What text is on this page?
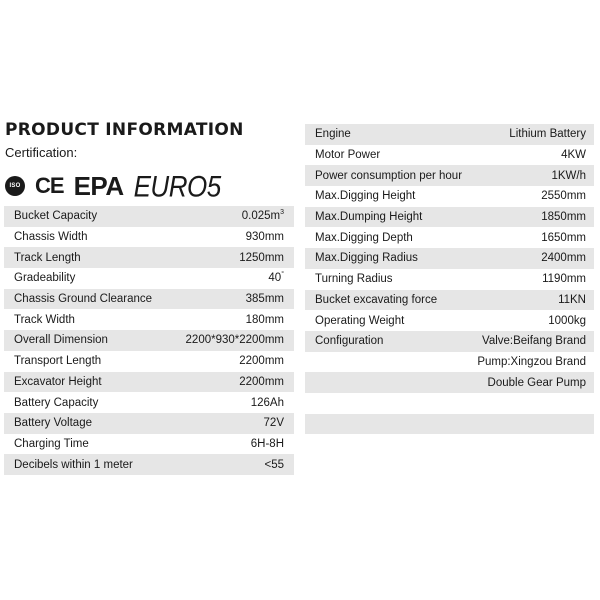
PRODUCT INFORMATION
Certification:
ISO CE EPA EURO5
Bucket Capacity	$0.025m^3$
Chassis Width	930mm
Track Length	1250mm
Gradeability	40°
Chassis Ground Clearance	385mm
Track Width	180mm
Overall Dimension	2200*930*2200mm
Transport Length	2200mm
Excavator Height	2200mm
Battery Capacity	126Ah
Battery Voltage	72V
Charging Time	6H-8H
Decibels within 1 meter	<55
Engine	Lithium Battery
Motor Power	4KW
Power consumption per hour	1KW/h
Max.Digging Height	2550mm
Max.Dumping Height	1850mm
Max.Digging Depth	1650mm
Max.Digging Radius	2400mm
Turning Radius	1190mm
Bucket excavating force	11KN
Operating Weight	1000kg
Configuration	Valve:Beifang Brand
Pump:Xingzou Brand
Double Gear Pump
